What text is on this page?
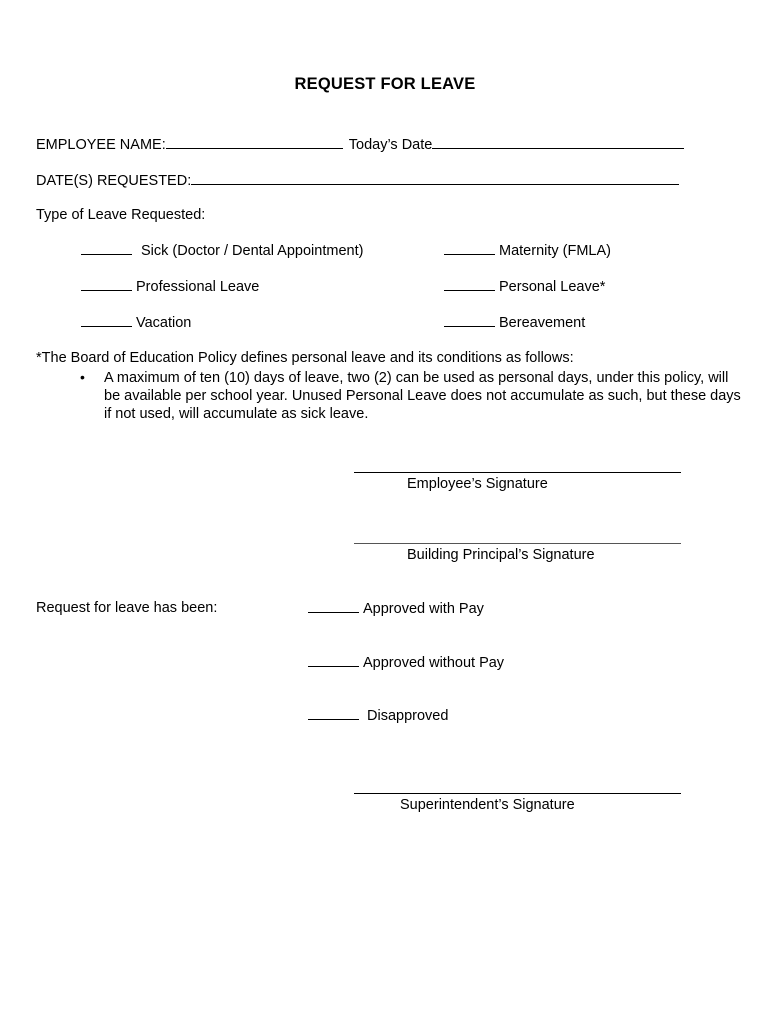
REQUEST FOR LEAVE
EMPLOYEE NAME:	Today’s Date
DATE(S) REQUESTED:
Type of Leave Requested:
Sick (Doctor / Dental Appointment)	Maternity (FMLA)
Professional Leave	Personal Leave*
Vacation	Bereavement
*The Board of Education Policy defines personal leave and its conditions as follows:
• A maximum of ten (10) days of leave, two (2) can be used as personal days, under this policy, will be available per school year. Unused Personal Leave does not accumulate as such, but these days if not used, will accumulate as sick leave.
Employee’s Signature
Building Principal’s Signature
Request for leave has been:	Approved with Pay
Approved without Pay
Disapproved
Superintendent’s Signature
